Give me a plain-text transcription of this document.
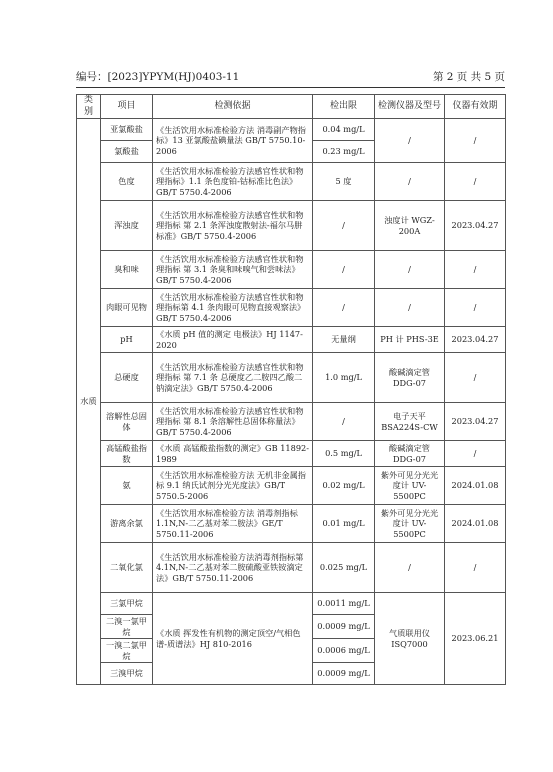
编号：[2023]YPYM(HJ)0403-11	第 2 页 共 5 页
类别	项目	检测依据	检出限	检测仪器及型号	仪器有效期
水质	亚氯酸盐	《生活饮用水标准检验方法 消毒副产物指标》13 亚氯酸盐碘量法 GB/T 5750.10-2006	0.04 mg/L	/	/
	氯酸盐		0.23 mg/L		
	色度	《生活饮用水标准检验方法感官性状和物理指标》1.1 条色度铂-钴标准比色法》GB/T 5750.4-2006	5 度	/	/
	浑浊度	《生活饮用水标准检验方法感官性状和物理指标 第 2.1 条浑浊度散射法-福尔马肼标准》GB/T 5750.4-2006	/	浊度计 WGZ-200A	2023.04.27
	臭和味	《生活饮用水标准检验方法感官性状和物理指标 第 3.1 条臭和味嗅气和尝味法》GB/T 5750.4-2006	/	/	/
	肉眼可见物	《生活饮用水标准检验方法感官性状和物理指标第 4.1 条肉眼可见物直接观察法》GB/T 5750.4-2006	/	/	/
	pH	《水质 pH 值的测定 电极法》HJ 1147-2020	无量纲	PH 计 PHS-3E	2023.04.27
	总硬度	《生活饮用水标准检验方法感官性状和物理指标 第 7.1 条 总硬度乙二胺四乙酸二钠滴定法》GB/T 5750.4-2006	1.0 mg/L	酸碱滴定管 DDG-07	/
	溶解性总固体	《生活饮用水标准检验方法感官性状和物理指标 第 8.1 条溶解性总固体称量法》GB/T 5750.4-2006	/	电子天平 BSA224S-CW	2023.04.27
	高锰酸盐指数	《水质 高锰酸盐指数的测定》GB 11892-1989	0.5 mg/L	酸碱滴定管 DDG-07	/
	氨	《生活饮用水标准检验方法 无机非金属指标 9.1 纳氏试剂分光光度法》GB/T 5750.5-2006	0.02 mg/L	紫外可见分光光度计 UV-5500PC	2024.01.08
	游离余氯	《生活饮用水标准检验方法 消毒剂指标 1.1N,N-二乙基对苯二胺法》GE/T 5750.11-2006	0.01 mg/L	紫外可见分光光度计 UV-5500PC	2024.01.08
	二氧化氯	《生活饮用水标准检验方法消毒剂指标第 4.1N,N-二乙基对苯二胺硫酸亚铁铵滴定法》GB/T 5750.11-2006	0.025 mg/L	/	/
	三氯甲烷	《水质 挥发性有机物的测定顶空/气相色谱-质谱法》HJ 810-2016	0.0011 mg/L	气质联用仪 ISQ7000	2023.06.21
	二溴一氯甲烷		0.0009 mg/L		
	一溴二氯甲烷		0.0006 mg/L		
	三溴甲烷		0.0009 mg/L		
